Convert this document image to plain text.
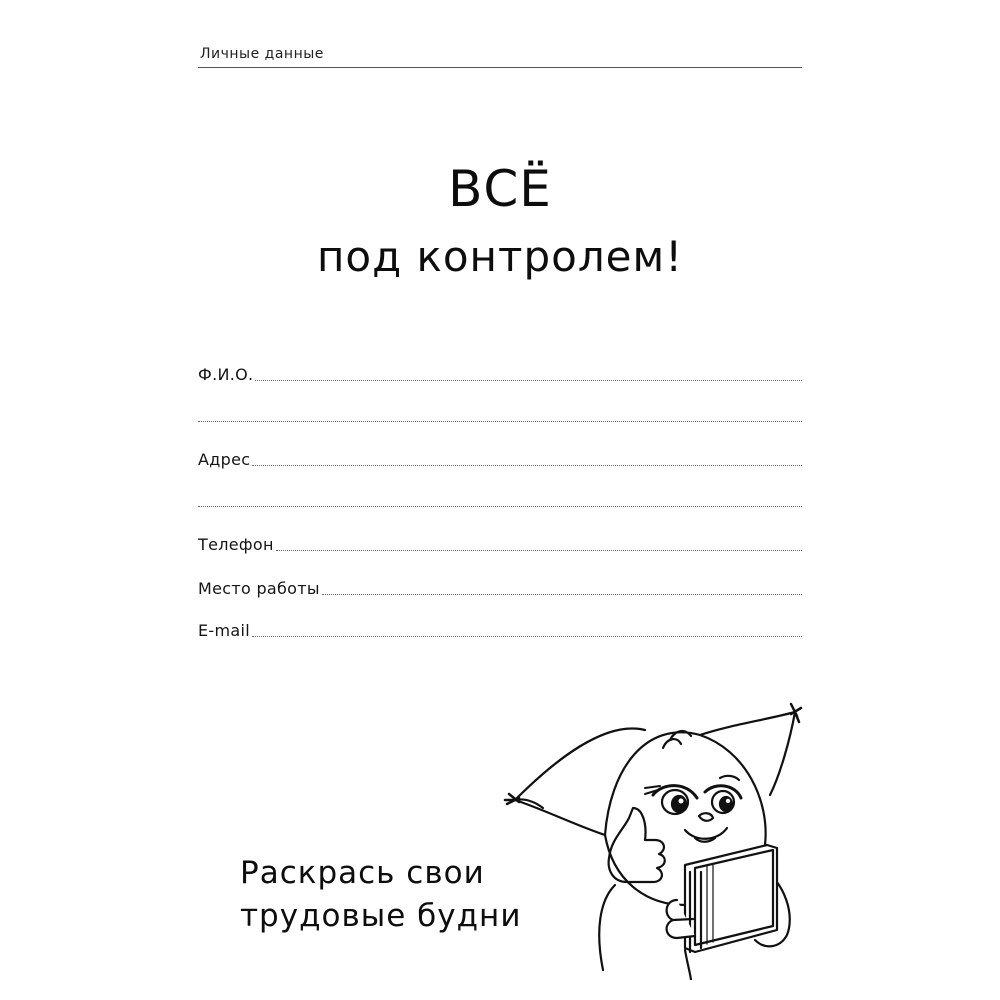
Личные данные
ВСЁ
под контролем!
Ф.И.О.
Адрес
Телефон
Место работы
E-mail
Раскрась свои
трудовые будни
